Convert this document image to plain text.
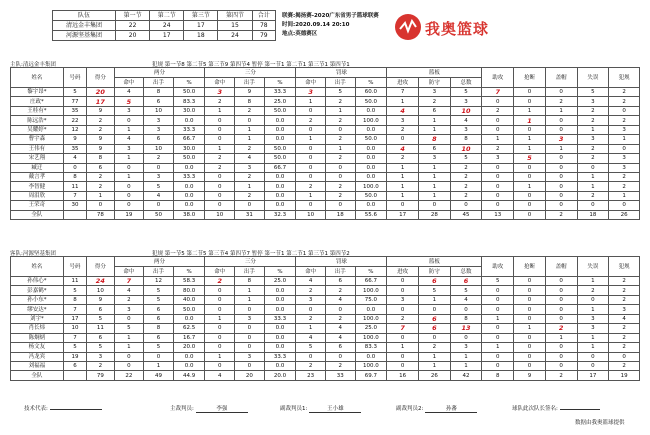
队伍	第一节	第二节	第三节	第四节	合计
清远金丰集团	22	24	17	15	78
河源坚基集团	20	17	18	24	79
联赛:揭扬赛-2020广东省男子篮球联赛
时间:2020.09.14 20:10
地点:英德赛区	我奥篮球
主队:清远金丰集团	犯规 第一节8 第二节5 第三节9 第四节4 暂停 第一节1 第二节1 第三节1 第四节1
姓名	号码	得分	两分			三分			罚球			篮板			助攻	抢断	盖帽	失误	犯规
			命中	出手	%	命中	出手	%	命中	出手	%	进攻	防守	总数					
黎宇昂*	5	20	4	8	50.0	3	9	33.3	3	5	60.0	7	3	5	7	0	0	5	2
庄政*	77	17	5	6	83.3	2	8	25.0	1	2	50.0	1	2	3	0	0	2	3	2
王桂有*	35	9	3	10	30.0	1	2	50.0	0	1	0.0	4	6	10	2	1	1	2	0
陈远浩*	22	2	0	3	0.0	0	0	0.0	2	2	100.0	3	1	4	0	1	0	2	2
吴耀婷*	12	2	1	3	33.3	0	1	0.0	0	0	0.0	2	1	3	0	0	0	1	3
曹宇森	9	9	4	6	66.7	0	1	0.0	1	2	50.0	0	8	8	1	1	3	3	1
王伟有	35	9	3	10	30.0	1	2	50.0	0	1	0.0	4	6	10	2	1	1	2	0
宋艺翔	4	8	1	2	50.0	2	4	50.0	0	2	0.0	2	3	5	3	5	0	2	3
臧迁	0	6	0	0	0.0	2	3	66.7	0	0	0.0	1	1	2	0	0	0	0	3
戴言孝	8	2	1	3	33.3	0	2	0.0	0	0	0.0	1	1	2	0	0	0	1	2
李智健	11	2	0	5	0.0	0	1	0.0	2	2	100.0	1	1	2	0	1	0	1	2
周泪欣	7	1	0	4	0.0	0	2	0.0	1	2	50.0	1	1	2	0	0	0	2	1
王荣奇	30	0	0	0	0.0	0	0	0.0	0	0	0.0	0	0	0	0	0	0	0	0
全队		78	19	50	38.0	10	31	32.3	10	18	55.6	17	28	45	13	0	2	18	26
客队:河源坚基集团	犯规 第一节5 第二节5 第三节4 第四节7 暂停 第一节1 第二节1 第三节1 第四节2
姓名	号码	得分	两分			三分			罚球			篮板			助攻	抢断	盖帽	失误	犯规
			命中	出手	%	命中	出手	%	命中	出手	%	进攻	防守	总数					
孙伟心*	11	24	7	12	58.3	2	8	25.0	4	6	66.7	0	6	6	5	0	0	1	2
彭嘉鹤*	5	10	4	5	80.0	0	1	0.0	2	2	100.0	0	5	5	0	0	0	2	2
孙小东*	8	9	2	5	40.0	0	1	0.0	3	4	75.0	3	1	4	0	0	0	0	2
缪安达*	7	6	3	6	50.0	0	0	0.0	0	0	0.0	0	0	0	0	0	0	1	3
刘宇*	17	5	0	6	0.0	1	3	33.3	2	2	100.0	2	6	8	1	0	0	3	4
肖长炜	10	11	5	8	62.5	0	0	0.0	1	4	25.0	7	6	13	0	1	2	3	2
陈炯炳	7	6	1	6	16.7	0	0	0.0	4	4	100.0	0	0	0	0	0	1	1	2
杨文友	5	5	1	5	20.0	0	0	0.0	5	6	83.3	1	2	3	1	0	0	1	2
冯龙宾	19	3	0	0	0.0	1	3	33.3	0	0	0.0	0	1	1	0	0	0	0	0
刘福福	6	2	0	1	0.0	0	0	0.0	2	2	100.0	0	1	1	0	0	0	0	2
全队		79	22	49	44.9	4	20	20.0	23	33	69.7	16	26	42	8	9	2	17	19
技术代表:	主裁判员:	李强	副裁判员1:	王小雄	副裁判员2:	孙蕃	球队此次队长签名:
数据由我奥篮球提供
